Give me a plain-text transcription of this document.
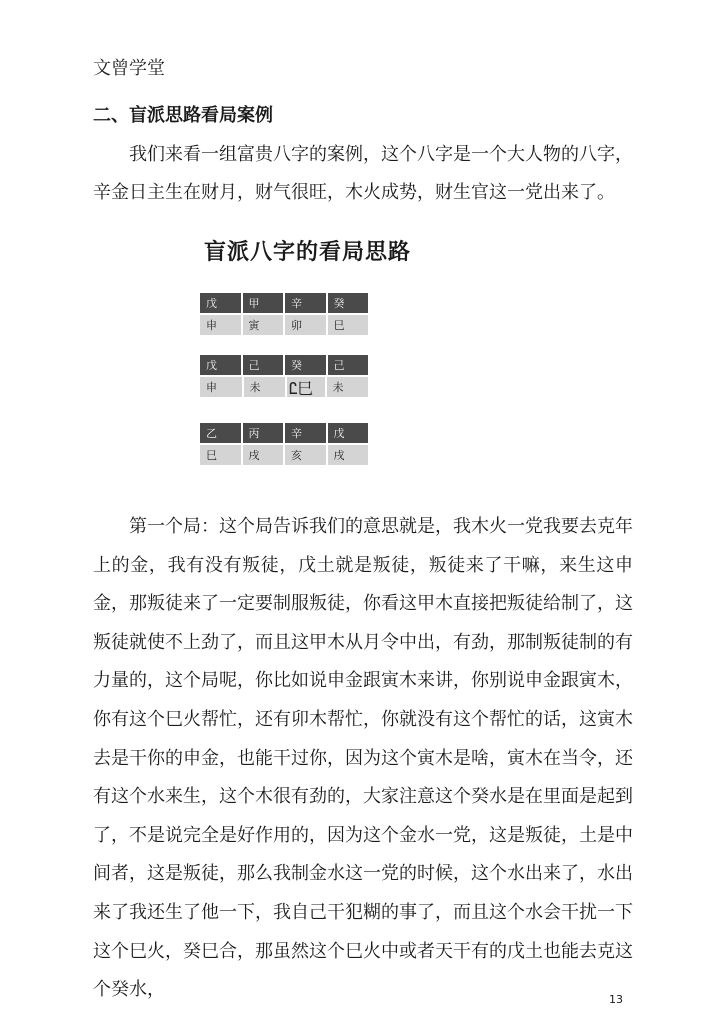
文曾学堂
二、盲派思路看局案例

我们来看一组富贵八字的案例，这个八字是一个大人物的八字，辛金日主生在财月，财气很旺，木火成势，财生官这一党出来了。

盲派八字的看局思路
戊	甲	辛	癸
申	寅	卯	巳
戊	己	癸	己
申	未	Ꮭ巳	未
乙	丙	辛	戊
巳	戌	亥	戌

第一个局：这个局告诉我们的意思就是，我木火一党我要去克年上的金，我有没有叛徒，戊土就是叛徒，叛徒来了干嘛，来生这申金，那叛徒来了一定要制服叛徒，你看这甲木直接把叛徒给制了，这叛徒就使不上劲了，而且这甲木从月令中出，有劲，那制叛徒制的有力量的，这个局呢，你比如说申金跟寅木来讲，你别说申金跟寅木，你有这个巳火帮忙，还有卯木帮忙，你就没有这个帮忙的话，这寅木去是干你的申金，也能干过你，因为这个寅木是啥，寅木在当令，还有这个水来生，这个木很有劲的，大家注意这个癸水是在里面是起到了，不是说完全是好作用的，因为这个金水一党，这是叛徒，土是中间者，这是叛徒，那么我制金水这一党的时候，这个水出来了，水出来了我还生了他一下，我自己干犯糊的事了，而且这个水会干扰一下这个巳火，癸巳合，那虽然这个巳火中或者天干有的戊土也能去克这个癸水，	13
